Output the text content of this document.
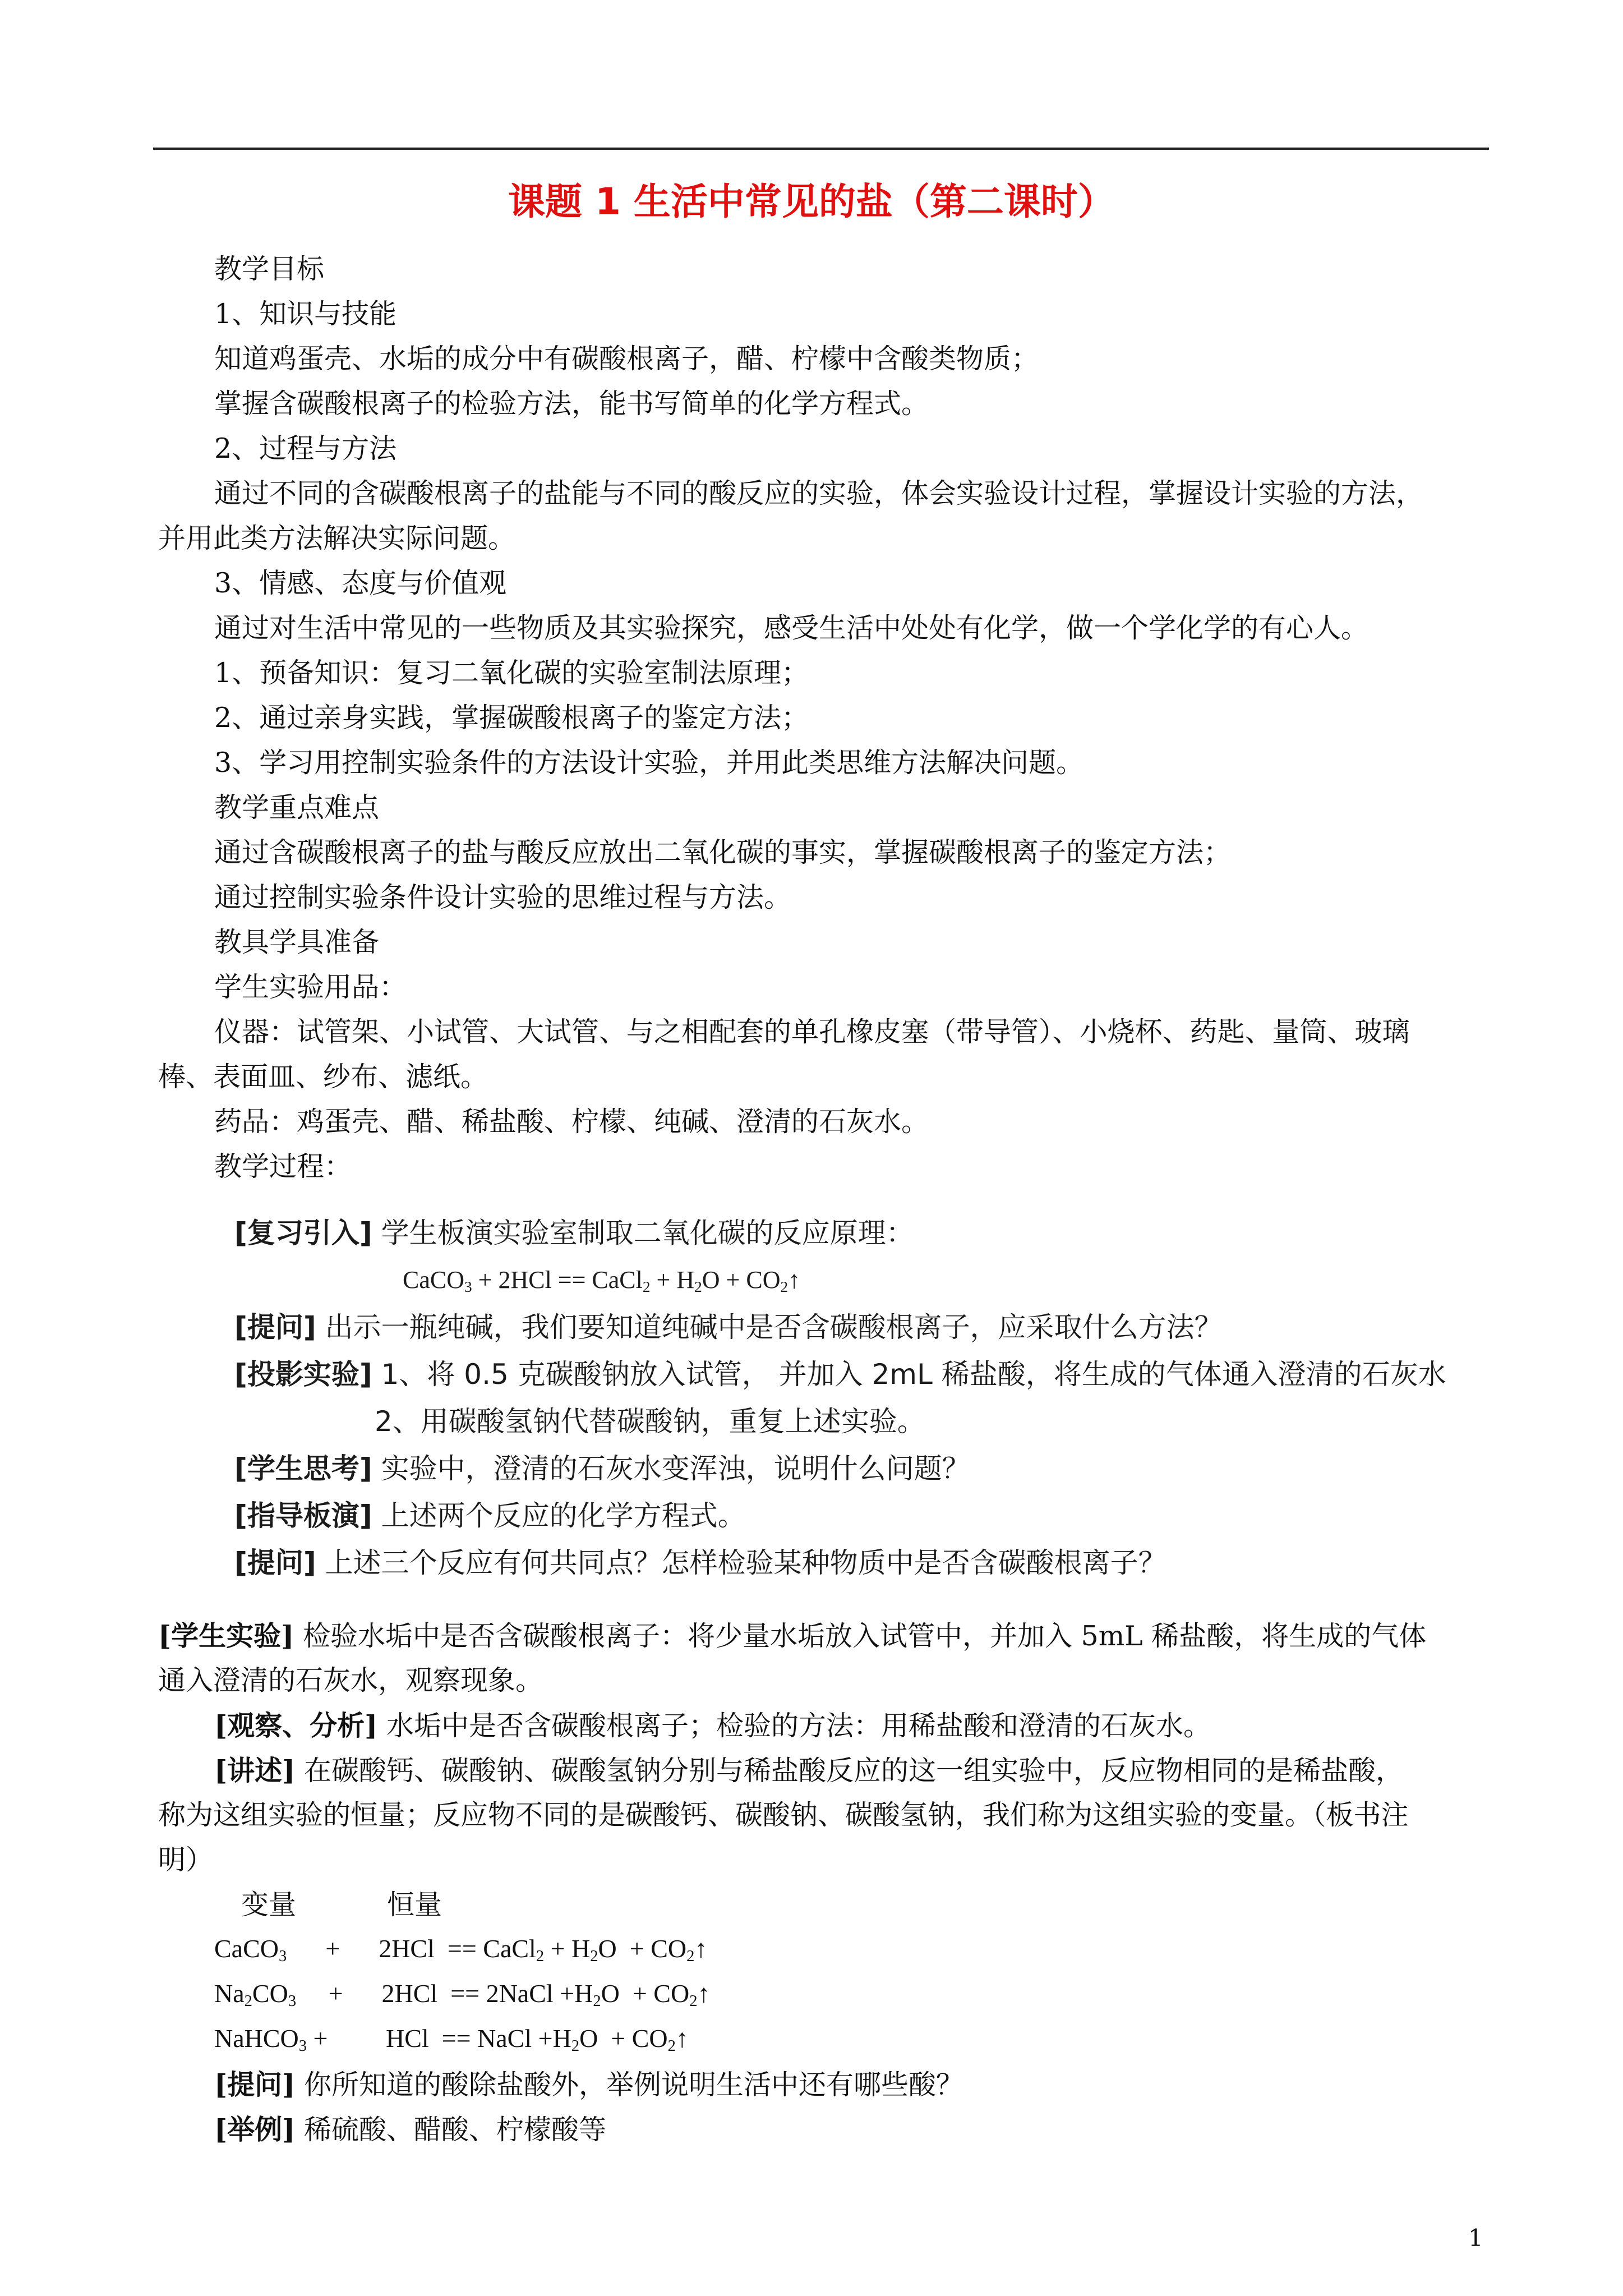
课题 1 生活中常见的盐（第二课时）
教学目标
1、知识与技能
知道鸡蛋壳、水垢的成分中有碳酸根离子，醋、柠檬中含酸类物质；
掌握含碳酸根离子的检验方法，能书写简单的化学方程式。
2、过程与方法
通过不同的含碳酸根离子的盐能与不同的酸反应的实验，体会实验设计过程，掌握设计实验的方法，
并用此类方法解决实际问题。
3、情感、态度与价值观
通过对生活中常见的一些物质及其实验探究，感受生活中处处有化学，做一个学化学的有心人。
1、预备知识：复习二氧化碳的实验室制法原理；
2、通过亲身实践，掌握碳酸根离子的鉴定方法；
3、学习用控制实验条件的方法设计实验，并用此类思维方法解决问题。
教学重点难点
通过含碳酸根离子的盐与酸反应放出二氧化碳的事实，掌握碳酸根离子的鉴定方法；
通过控制实验条件设计实验的思维过程与方法。
教具学具准备
学生实验用品：
仪器：试管架、小试管、大试管、与之相配套的单孔橡皮塞（带导管）、小烧杯、药匙、量筒、玻璃
棒、表面皿、纱布、滤纸。
药品：鸡蛋壳、醋、稀盐酸、柠檬、纯碱、澄清的石灰水。
教学过程：
[复习引入] 学生板演实验室制取二氧化碳的反应原理：
CaCO$_3$ + 2HCl == CaCl$_2$ + $H_2O$ + $CO_2↑$
[提问] 出示一瓶纯碱，我们要知道纯碱中是否含碳酸根离子，应采取什么方法？
[投影实验] 1、将 0.5 克碳酸钠放入试管， 并加入 2mL 稀盐酸，将生成的气体通入澄清的石灰水
2、用碳酸氢钠代替碳酸钠，重复上述实验。
[学生思考] 实验中，澄清的石灰水变浑浊，说明什么问题？
[指导板演] 上述两个反应的化学方程式。
[提问] 上述三个反应有何共同点？怎样检验某种物质中是否含碳酸根离子？
[学生实验] 检验水垢中是否含碳酸根离子：将少量水垢放入试管中，并加入 5mL 稀盐酸，将生成的气体
通入澄清的石灰水，观察现象。
[观察、分析] 水垢中是否含碳酸根离子；检验的方法：用稀盐酸和澄清的石灰水。
[讲述] 在碳酸钙、碳酸钠、碳酸氢钠分别与稀盐酸反应的这一组实验中，反应物相同的是稀盐酸，
称为这组实验的恒量；反应物不同的是碳酸钙、碳酸钠、碳酸氢钠，我们称为这组实验的变量。（板书注
明）
变量	恒量
CaCO$_3$      +      2HCl  == CaCl$_2$ + $H_2O$  + $CO_2↑$
$Na_2CO_3$     +      2HCl  == 2NaCl $+H_2O$  + $CO_2↑$
NaHCO$_3$ +         HCl  == NaCl $+H_2O$  + $CO_2↑$
[提问] 你所知道的酸除盐酸外，举例说明生活中还有哪些酸？
[举例] 稀硫酸、醋酸、柠檬酸等
1
